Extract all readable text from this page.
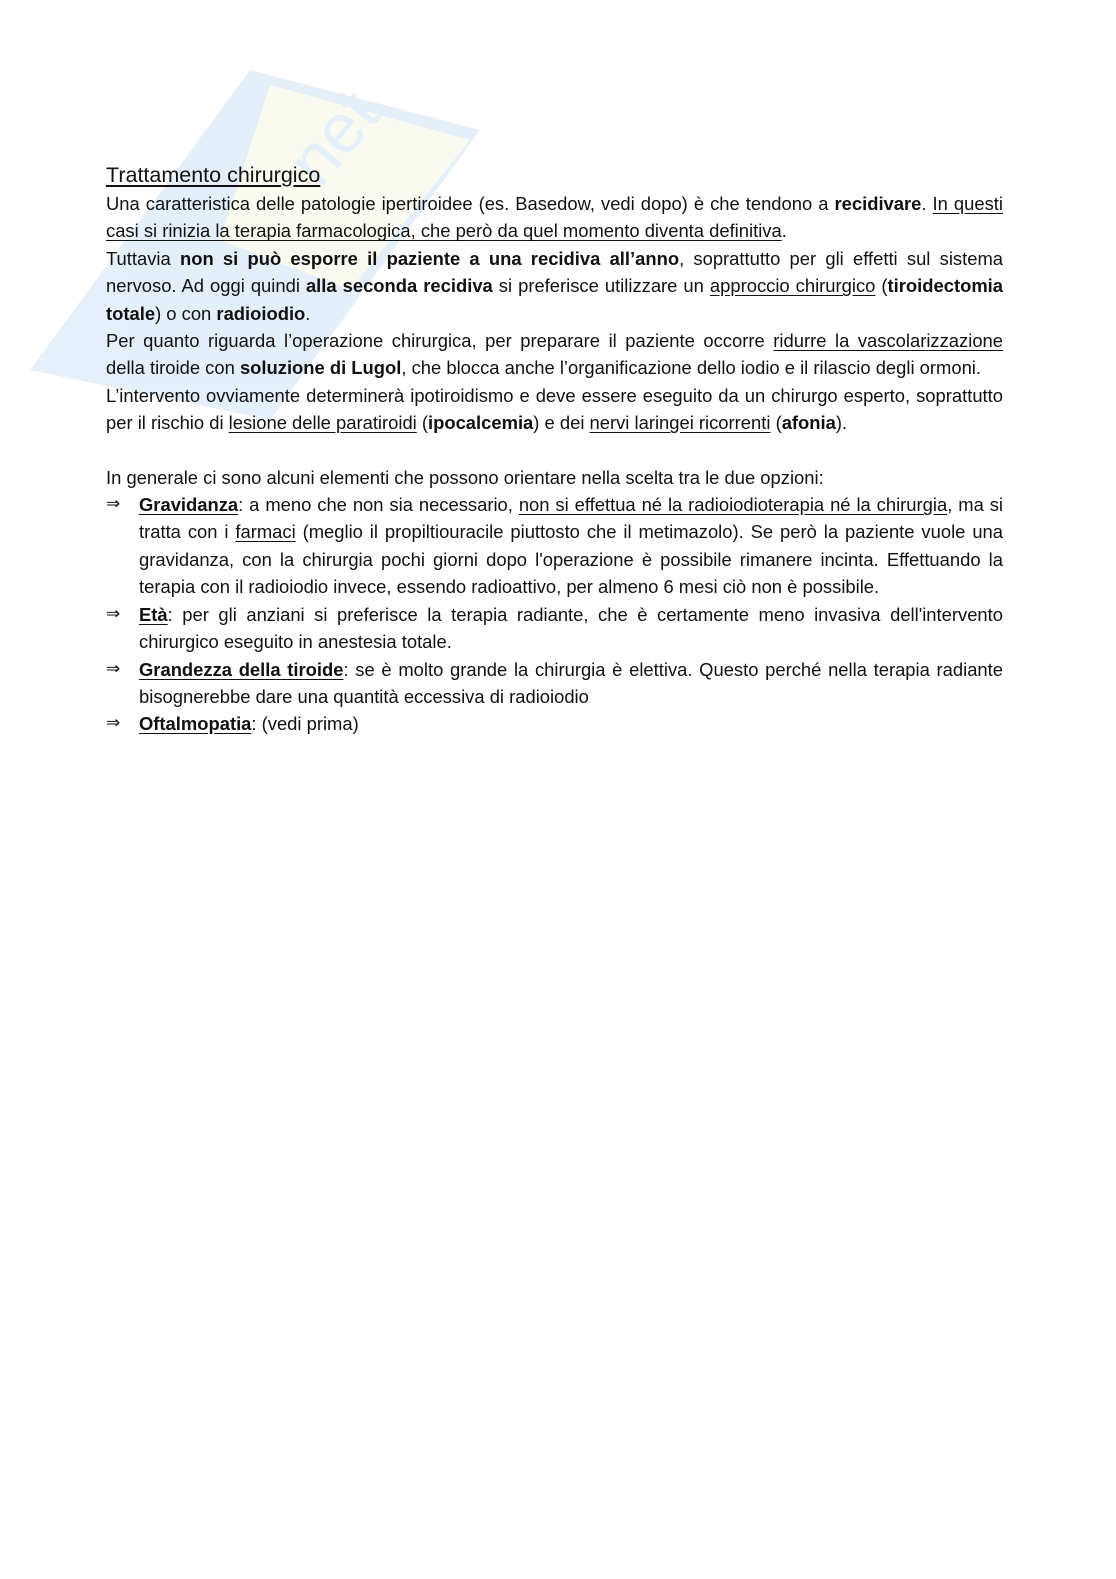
net
Trattamento chirurgico

Una caratteristica delle patologie ipertiroidee (es. Basedow, vedi dopo) è che tendono a recidivare. In questi casi si rinizia la terapia farmacologica, che però da quel momento diventa definitiva.

Tuttavia non si può esporre il paziente a una recidiva all’anno, soprattutto per gli effetti sul sistema nervoso. Ad oggi quindi alla seconda recidiva si preferisce utilizzare un approccio chirurgico (tiroidectomia totale) o con radioiodio.

Per quanto riguarda l’operazione chirurgica, per preparare il paziente occorre ridurre la vascolarizzazione della tiroide con soluzione di Lugol, che blocca anche l’organificazione dello iodio e il rilascio degli ormoni.

L’intervento ovviamente determinerà ipotiroidismo e deve essere eseguito da un chirurgo esperto, soprattutto per il rischio di lesione delle paratiroidi (ipocalcemia) e dei nervi laringei ricorrenti (afonia).

In generale ci sono alcuni elementi che possono orientare nella scelta tra le due opzioni:

⇒ Gravidanza: a meno che non sia necessario, non si effettua né la radioiodioterapia né la chirurgia, ma si tratta con i farmaci (meglio il propiltiouracile piuttosto che il metimazolo). Se però la paziente vuole una gravidanza, con la chirurgia pochi giorni dopo l'operazione è possibile rimanere incinta. Effettuando la terapia con il radioiodio invece, essendo radioattivo, per almeno 6 mesi ciò non è possibile.
⇒ Età: per gli anziani si preferisce la terapia radiante, che è certamente meno invasiva dell'intervento chirurgico eseguito in anestesia totale.
⇒ Grandezza della tiroide: se è molto grande la chirurgia è elettiva. Questo perché nella terapia radiante bisognerebbe dare una quantità eccessiva di radioiodio
⇒ Oftalmopatia: (vedi prima)
